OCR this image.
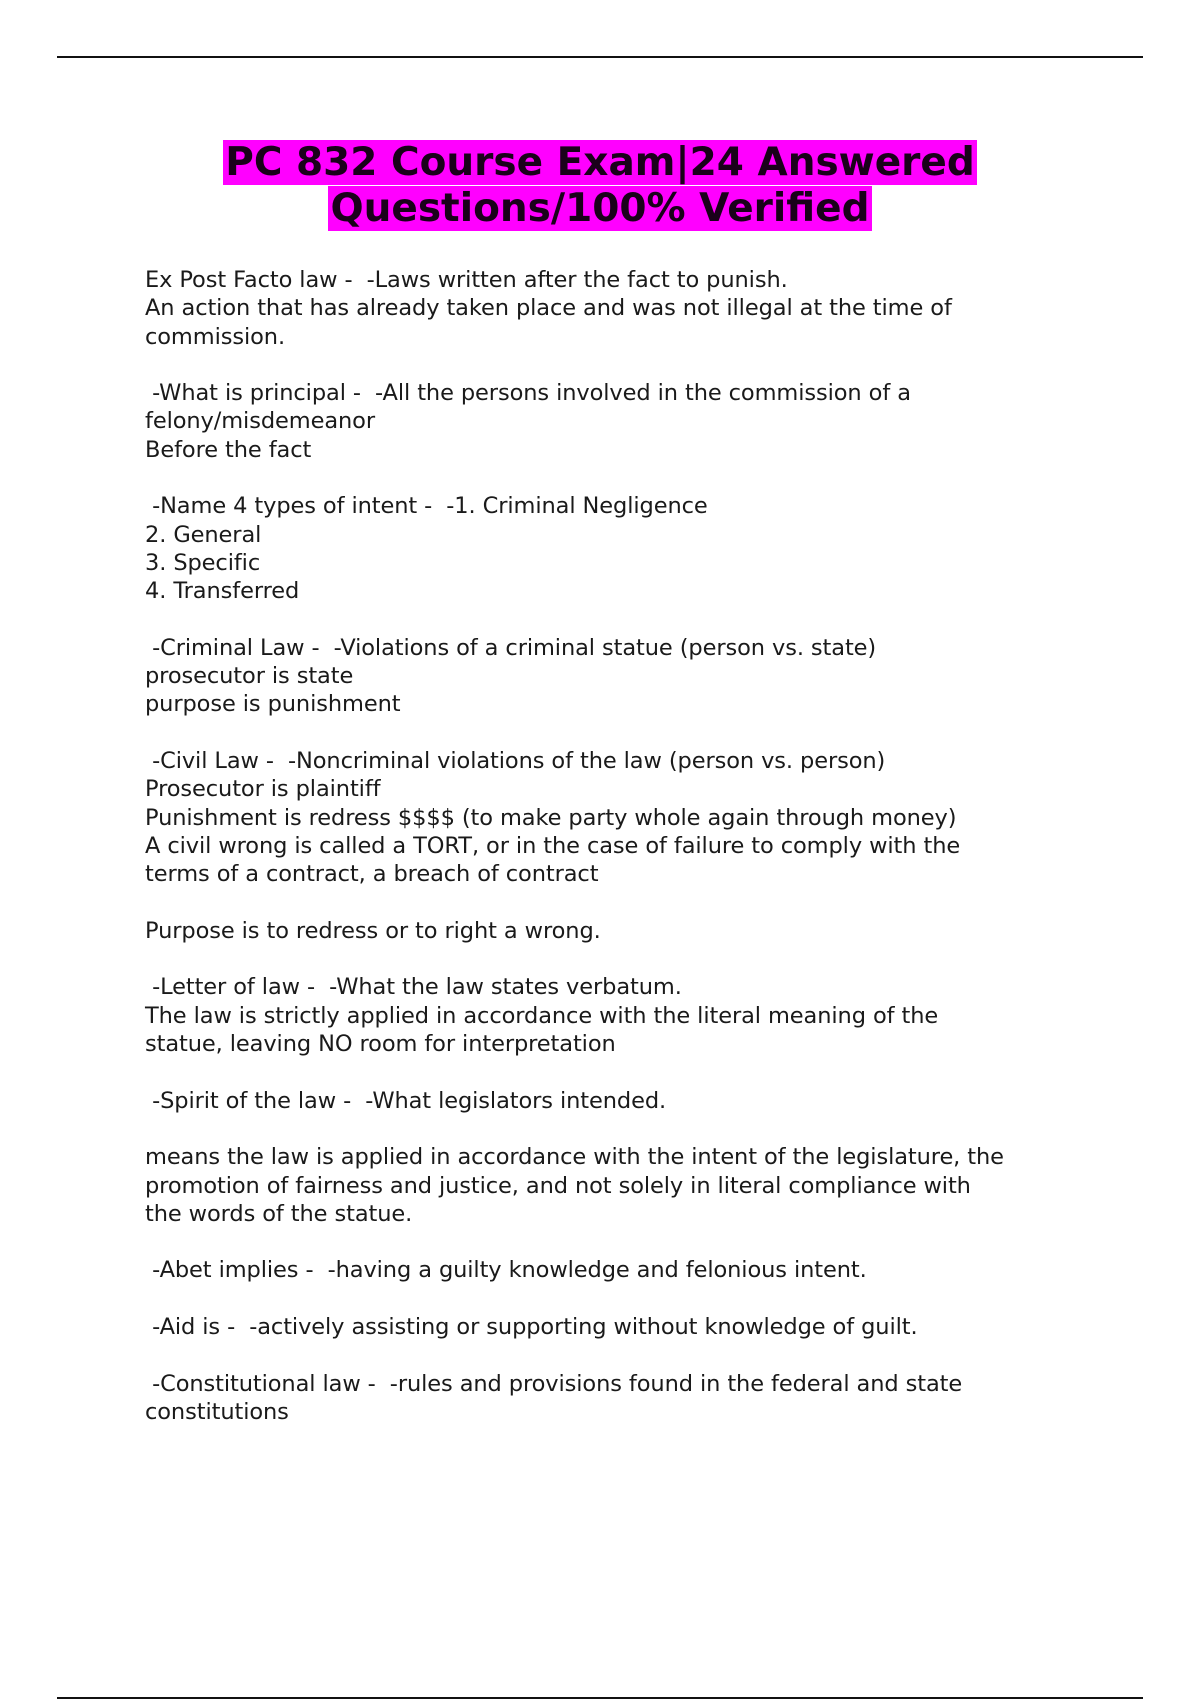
PC 832 Course Exam|24 Answered
Questions/100% Verified
Ex Post Facto law -  -Laws written after the fact to punish.
An action that has already taken place and was not illegal at the time of
commission.
-What is principal -  -All the persons involved in the commission of a
felony/misdemeanor
Before the fact
-Name 4 types of intent -  -1. Criminal Negligence
2. General
3. Specific
4. Transferred
-Criminal Law -  -Violations of a criminal statue (person vs. state)
prosecutor is state
purpose is punishment
-Civil Law -  -Noncriminal violations of the law (person vs. person)
Prosecutor is plaintiff
Punishment is redress $$$$ (to make party whole again through money)
A civil wrong is called a TORT, or in the case of failure to comply with the
terms of a contract, a breach of contract
Purpose is to redress or to right a wrong.
-Letter of law -  -What the law states verbatum.
The law is strictly applied in accordance with the literal meaning of the
statue, leaving NO room for interpretation
-Spirit of the law -  -What legislators intended.
means the law is applied in accordance with the intent of the legislature, the
promotion of fairness and justice, and not solely in literal compliance with
the words of the statue.
-Abet implies -  -having a guilty knowledge and felonious intent.
-Aid is -  -actively assisting or supporting without knowledge of guilt.
-Constitutional law -  -rules and provisions found in the federal and state
constitutions
